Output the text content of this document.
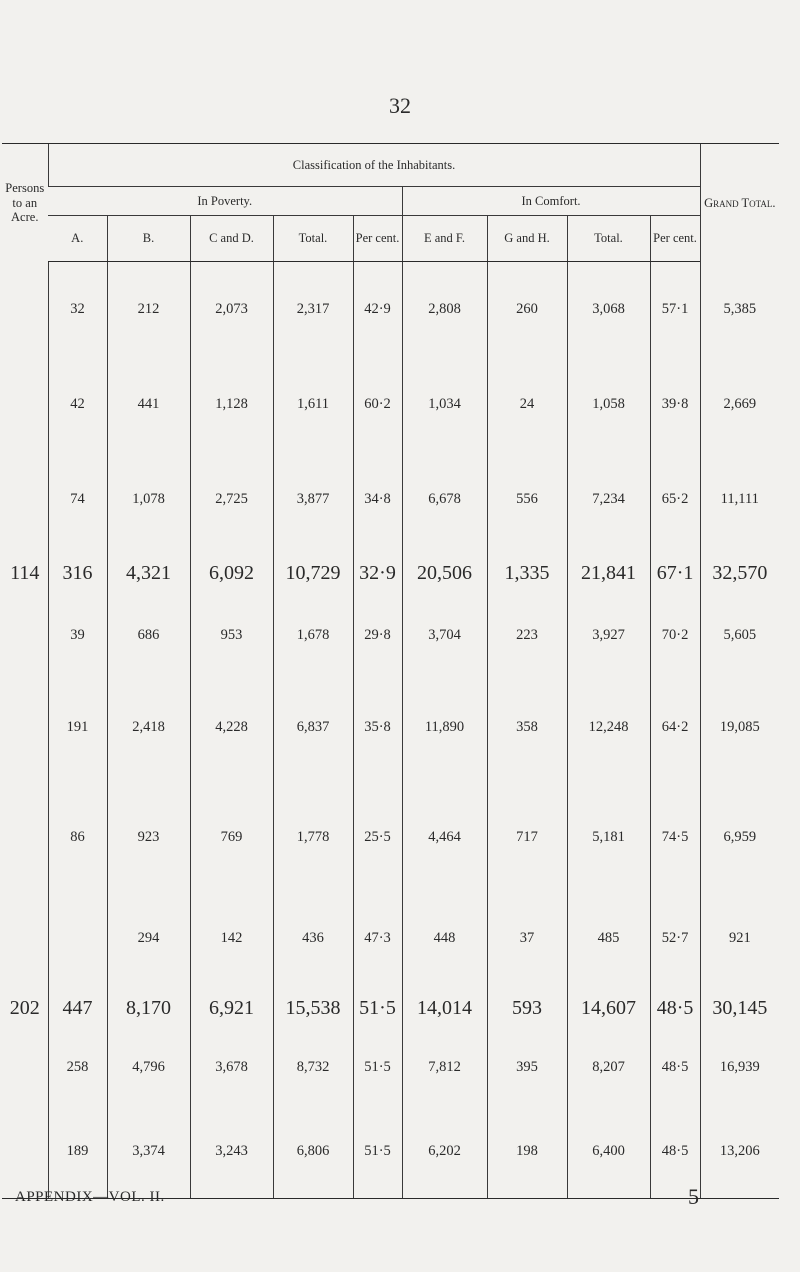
32
Persons to an Acre.	Classification of the Inhabitants.									Grand Total.
	In Poverty.					In Comfort.				
	A.	B.	C and D.	Total.	Per cent.	E and F.	G and H.	Total.	Per cent.	
	32	212	2,073	2,317	42·9	2,808	260	3,068	57·1	5,385
	42	441	1,128	1,611	60·2	1,034	24	1,058	39·8	2,669
	74	1,078	2,725	3,877	34·8	6,678	556	7,234	65·2	11,111
114	316	4,321	6,092	10,729	32·9	20,506	1,335	21,841	67·1	32,570
	39	686	953	1,678	29·8	3,704	223	3,927	70·2	5,605
	191	2,418	4,228	6,837	35·8	11,890	358	12,248	64·2	19,085
	86	923	769	1,778	25·5	4,464	717	5,181	74·5	6,959
		294	142	436	47·3	448	37	485	52·7	921
202	447	8,170	6,921	15,538	51·5	14,014	593	14,607	48·5	30,145
	258	4,796	3,678	8,732	51·5	7,812	395	8,207	48·5	16,939
	189	3,374	3,243	6,806	51·5	6,202	198	6,400	48·5	13,206
APPENDIX—VOL. II.	5
